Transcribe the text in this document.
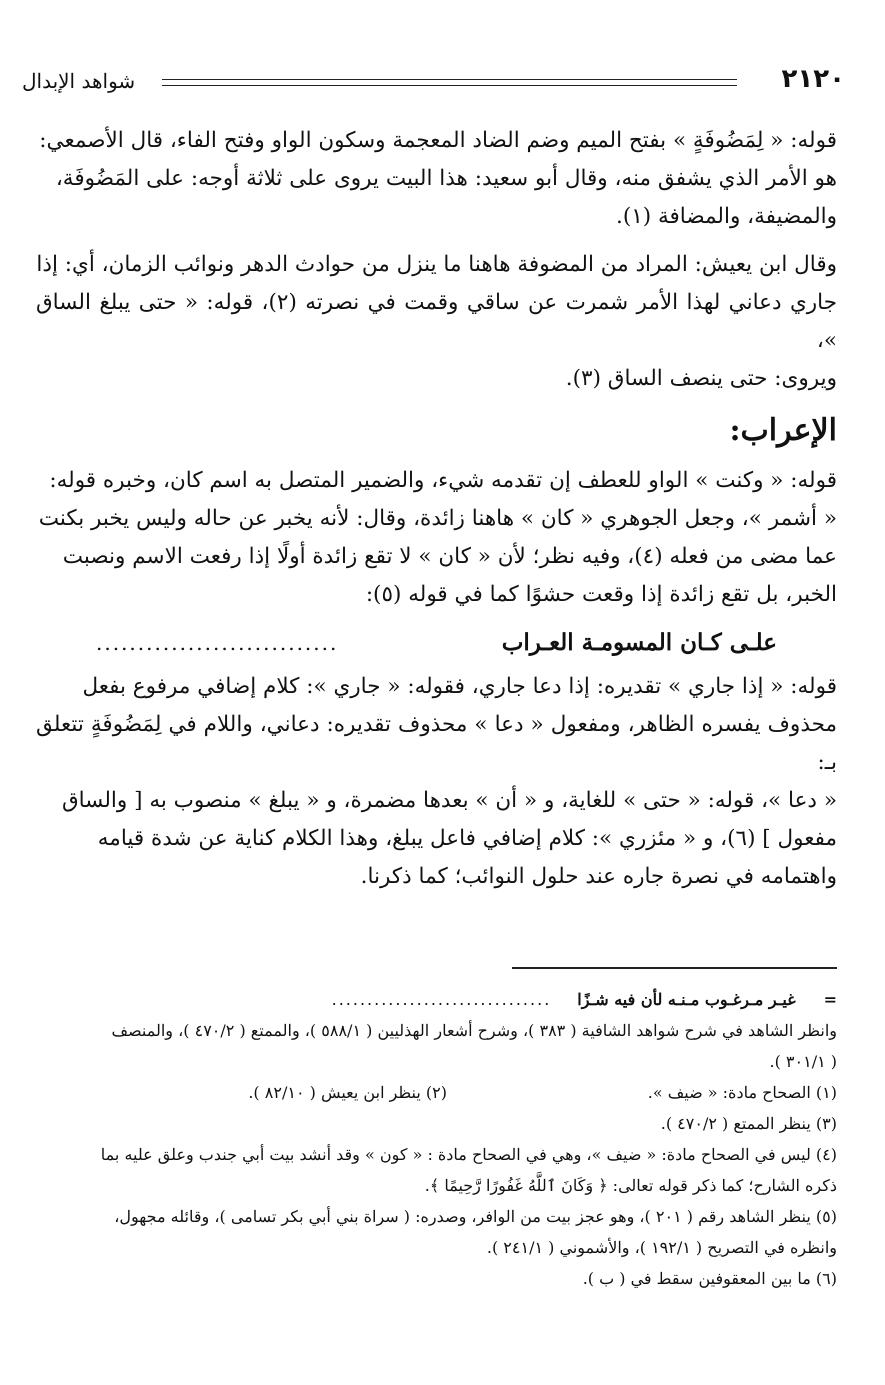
٢١٢٠
شواهد الإبدال

قوله: « لِمَضُوفَةٍ » بفتح الميم وضم الضاد المعجمة وسكون الواو وفتح الفاء، قال الأصمعي:

هو الأمر الذي يشفق منه، وقال أبو سعيد: هذا البيت يروى على ثلاثة أوجه: على المَضُوفَة،

والمضيفة، والمضافة (١).

وقال ابن يعيش: المراد من المضوفة هاهنا ما ينزل من حوادث الدهر ونوائب الزمان، أي: إذا

جاري دعاني لهذا الأمر شمرت عن ساقي وقمت في نصرته (٢)، قوله: « حتى يبلغ الساق »،

ويروى: حتى ينصف الساق (٣).

الإعراب:

قوله: « وكنت » الواو للعطف إن تقدمه شيء، والضمير المتصل به اسم كان، وخبره قوله:

« أشمر »، وجعل الجوهري « كان » هاهنا زائدة، وقال: لأنه يخبر عن حاله وليس يخبر بكنت

عما مضى من فعله (٤)، وفيه نظر؛ لأن « كان » لا تقع زائدة أولًا إذا رفعت الاسم ونصبت

الخبر، بل تقع زائدة إذا وقعت حشوًا كما في قوله (٥):

علـى كـان المسومـة العـراب
.............................

قوله: « إذا جاري » تقديره: إذا دعا جاري، فقوله: « جاري »: كلام إضافي مرفوع بفعل

محذوف يفسره الظاهر، ومفعول « دعا » محذوف تقديره: دعاني، واللام في لِمَضُوفَةٍ تتعلق بـ:

« دعا »، قوله: « حتى » للغاية، و « أن » بعدها مضمرة، و « يبلغ » منصوب به [ والساق

مفعول ] (٦)، و « مئزري »: كلام إضافي فاعل يبلغ، وهذا الكلام كناية عن شدة قيامه

واهتمامه في نصرة جاره عند حلول النوائب؛ كما ذكرنا.

=
غيـر مـرغـوب مـنـه لأن فيه شـزًا
...............................

وانظر الشاهد في شرح شواهد الشافية ( ٣٨٣ )، وشرح أشعار الهذليين ( ٥٨٨/١ )، والممتع ( ٤٧٠/٢ )، والمنصف

( ٣٠١/١ ).

(١) الصحاح مادة: « ضيف ».
(٢) ينظر ابن يعيش ( ٨٢/١٠ ).

(٣) ينظر الممتع ( ٤٧٠/٢ ).

(٤) ليس في الصحاح مادة: « ضيف »، وهي في الصحاح مادة : « كون » وقد أنشد بيت أبي جندب وعلق عليه بما

ذكره الشارح؛ كما ذكر قوله تعالى: ﴿ وَكَانَ ٱللَّهُ غَفُورًا رَّحِيمًا ﴾.

(٥) ينظر الشاهد رقم ( ٢٠١ )، وهو عجز بيت من الوافر، وصدره: ( سراة بني أبي بكر تسامى )، وقائله مجهول،

وانظره في التصريح ( ١٩٢/١ )، والأشموني ( ٢٤١/١ ).

(٦) ما بين المعقوفين سقط في ( ب ).
